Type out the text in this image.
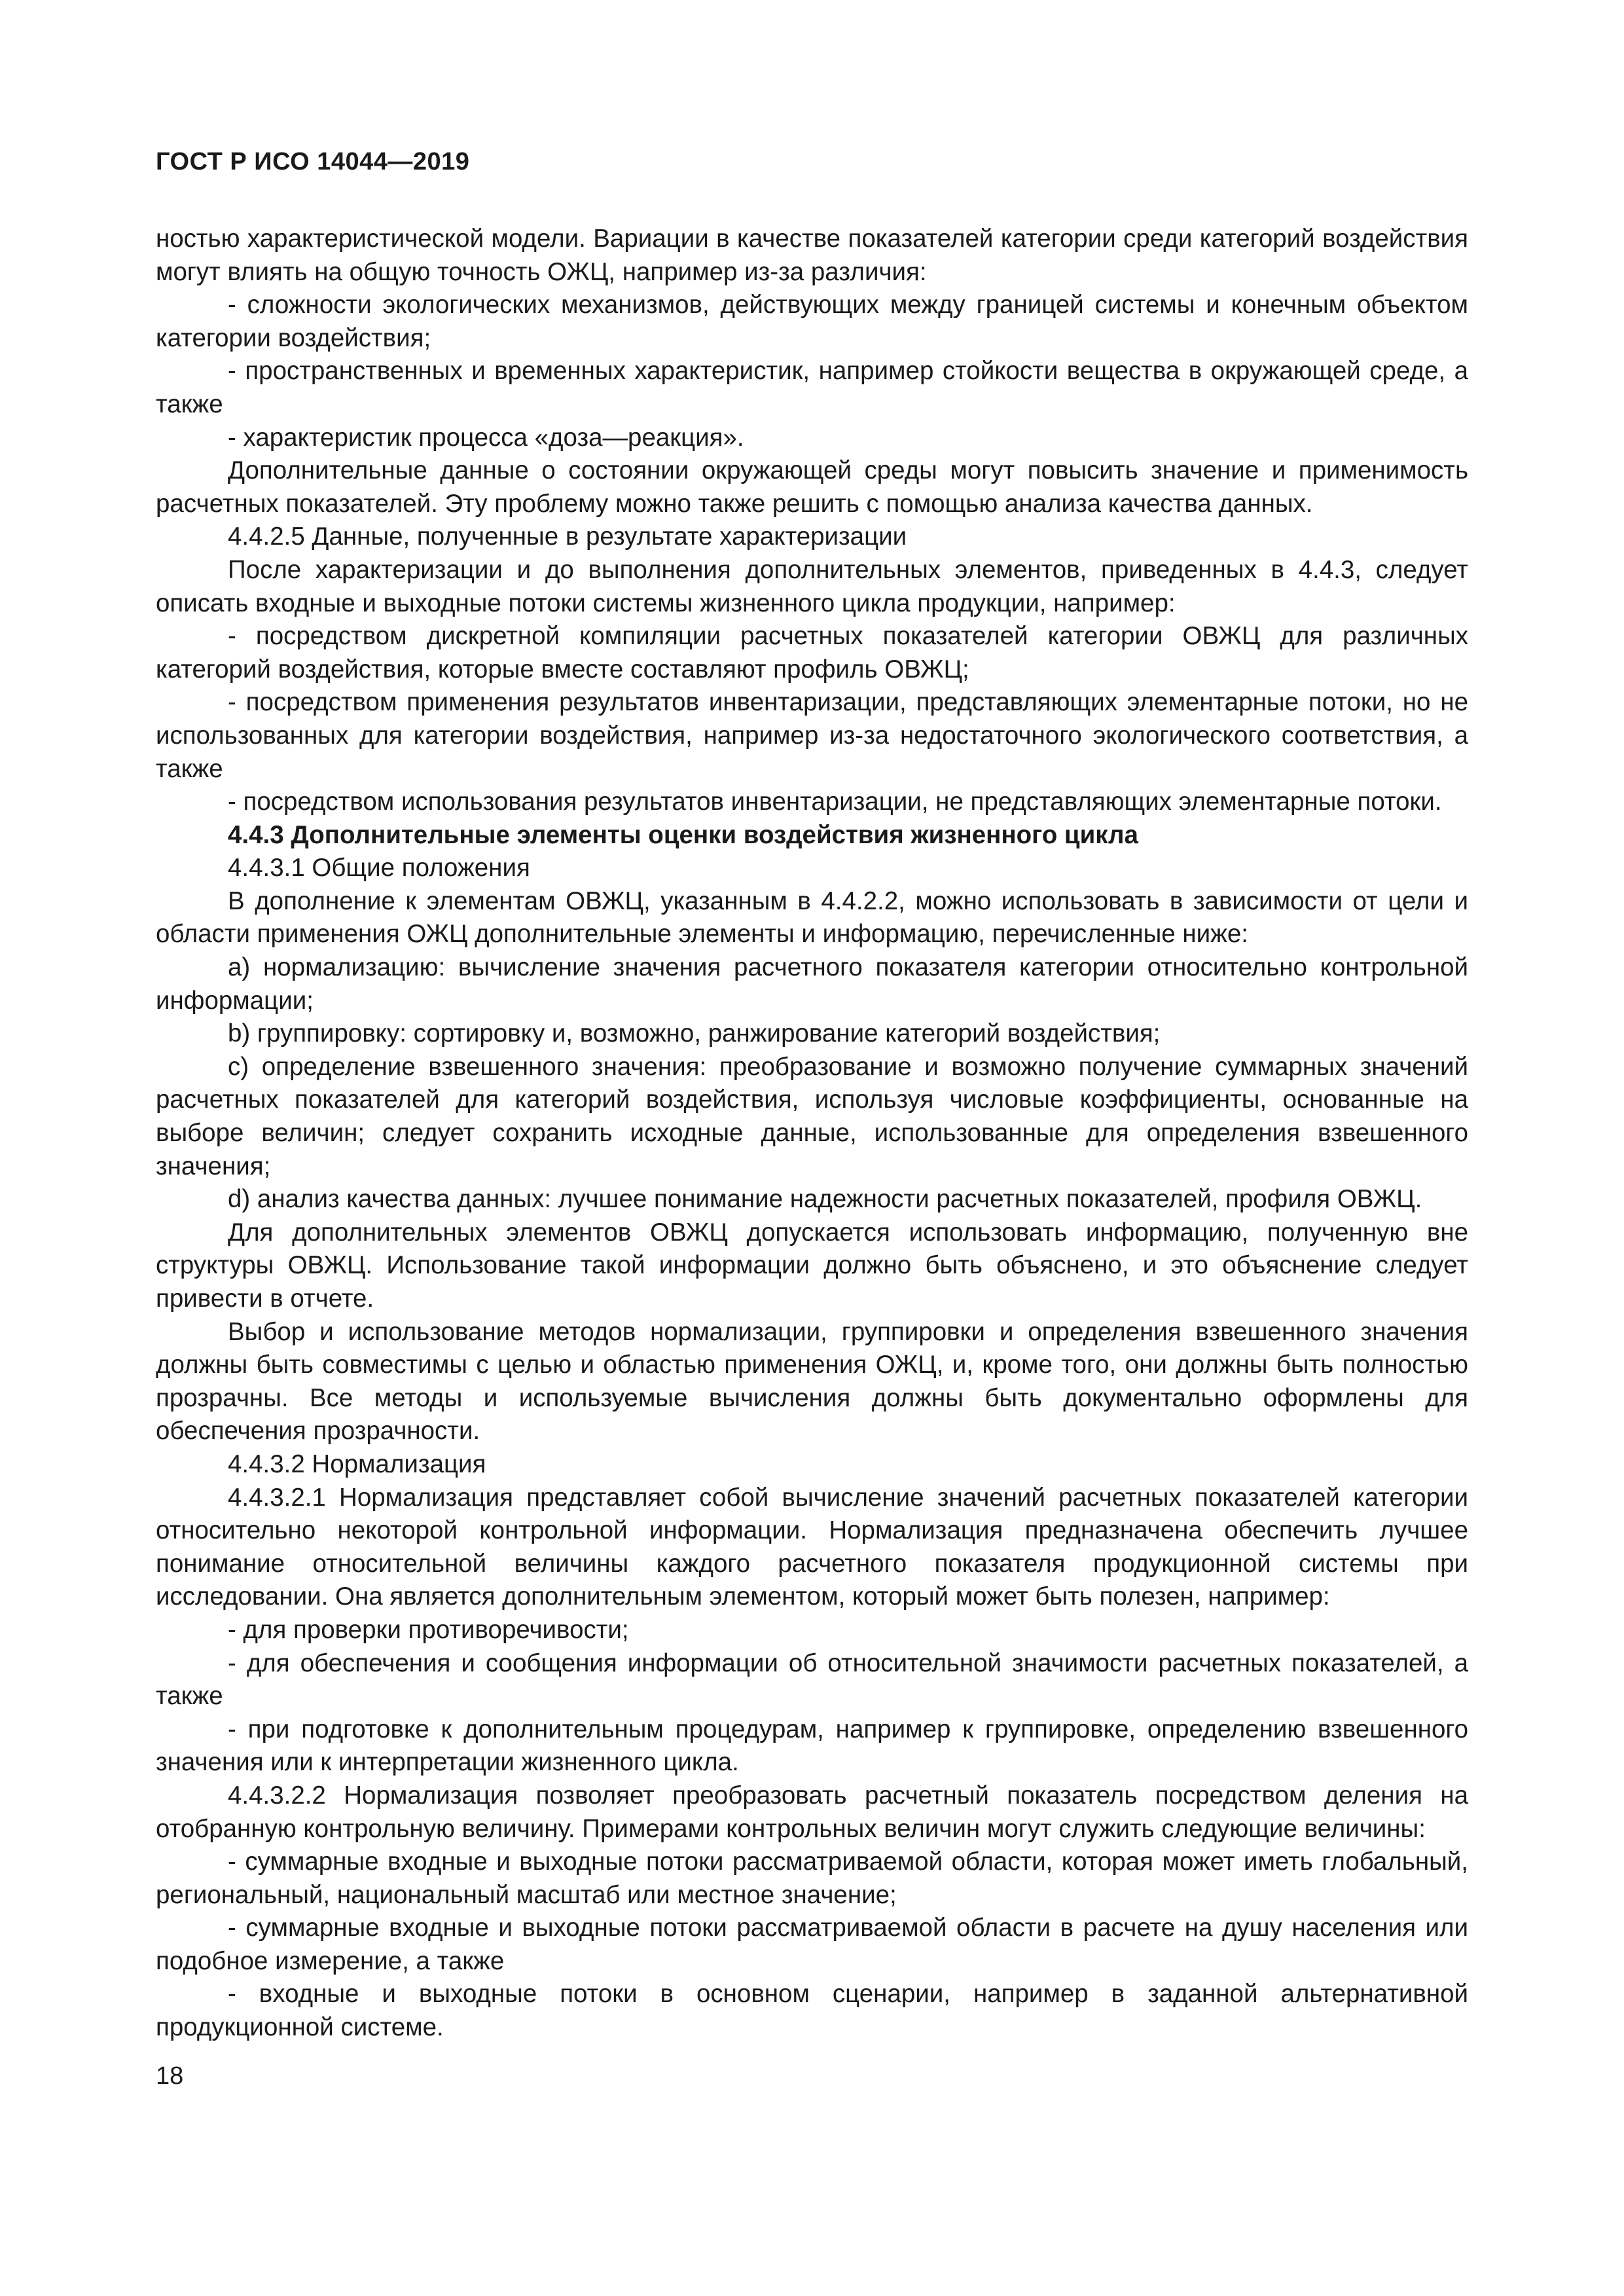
ГОСТ Р ИСО 14044—2019

ностью характеристической модели. Вариации в качестве показателей категории среди категорий воздействия могут влиять на общую точность ОЖЦ, например из-за различия:

- сложности экологических механизмов, действующих между границей системы и конечным объектом категории воздействия;

- пространственных и временных характеристик, например стойкости вещества в окружающей среде, а также

- характеристик процесса «доза—реакция».

Дополнительные данные о состоянии окружающей среды могут повысить значение и применимость расчетных показателей. Эту проблему можно также решить с помощью анализа качества данных.

4.4.2.5 Данные, полученные в результате характеризации

После характеризации и до выполнения дополнительных элементов, приведенных в 4.4.3, следует описать входные и выходные потоки системы жизненного цикла продукции, например:

- посредством дискретной компиляции расчетных показателей категории ОВЖЦ для различных категорий воздействия, которые вместе составляют профиль ОВЖЦ;

- посредством применения результатов инвентаризации, представляющих элементарные потоки, но не использованных для категории воздействия, например из-за недостаточного экологического соответствия, а также

- посредством использования результатов инвентаризации, не представляющих элементарные потоки.

4.4.3 Дополнительные элементы оценки воздействия жизненного цикла

4.4.3.1 Общие положения

В дополнение к элементам ОВЖЦ, указанным в 4.4.2.2, можно использовать в зависимости от цели и области применения ОЖЦ дополнительные элементы и информацию, перечисленные ниже:

a) нормализацию: вычисление значения расчетного показателя категории относительно контрольной информации;

b) группировку: сортировку и, возможно, ранжирование категорий воздействия;

c) определение взвешенного значения: преобразование и возможно получение суммарных значений расчетных показателей для категорий воздействия, используя числовые коэффициенты, основанные на выборе величин; следует сохранить исходные данные, использованные для определения взвешенного значения;

d) анализ качества данных: лучшее понимание надежности расчетных показателей, профиля ОВЖЦ.

Для дополнительных элементов ОВЖЦ допускается использовать информацию, полученную вне структуры ОВЖЦ. Использование такой информации должно быть объяснено, и это объяснение следует привести в отчете.

Выбор и использование методов нормализации, группировки и определения взвешенного значения должны быть совместимы с целью и областью применения ОЖЦ, и, кроме того, они должны быть полностью прозрачны. Все методы и используемые вычисления должны быть документально оформлены для обеспечения прозрачности.

4.4.3.2 Нормализация

4.4.3.2.1 Нормализация представляет собой вычисление значений расчетных показателей категории относительно некоторой контрольной информации. Нормализация предназначена обеспечить лучшее понимание относительной величины каждого расчетного показателя продукционной системы при исследовании. Она является дополнительным элементом, который может быть полезен, например:

- для проверки противоречивости;

- для обеспечения и сообщения информации об относительной значимости расчетных показателей, а также

- при подготовке к дополнительным процедурам, например к группировке, определению взвешенного значения или к интерпретации жизненного цикла.

4.4.3.2.2 Нормализация позволяет преобразовать расчетный показатель посредством деления на отобранную контрольную величину. Примерами контрольных величин могут служить следующие величины:

- суммарные входные и выходные потоки рассматриваемой области, которая может иметь глобальный, региональный, национальный масштаб или местное значение;

- суммарные входные и выходные потоки рассматриваемой области в расчете на душу населения или подобное измерение, а также

- входные и выходные потоки в основном сценарии, например в заданной альтернативной продукционной системе.

18
